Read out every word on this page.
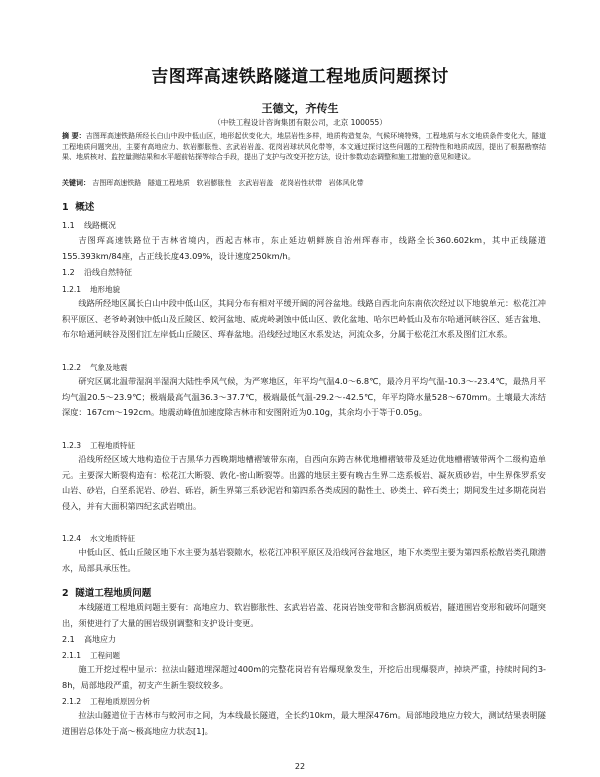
吉图珲高速铁路隧道工程地质问题探讨
王德文，齐传生
（中铁工程设计咨询集团有限公司，北京 100055）
摘 要：吉图珲高速铁路所经长白山中段中低山区，地形起伏变化大，地层岩性多样，地质构造复杂，气候环境特殊，工程地质与水文地质条件变化大，隧道工程地质问题突出，主要有高地应力、软岩膨胀性、玄武岩岩盖、花岗岩球状风化带等，本文通过探讨这些问题的工程特性和地质成因，提出了根据勘察结果、地质核对、监控量测结果和水平超前钻探等综合手段，提出了支护与改变开挖方法，设计参数动态调整和施工措施的意见和建议。
关键词： 吉图珲高速铁路 隧道工程地质 软岩膨胀性 玄武岩岩盖 花岗岩性状带 岩体风化带
1 概述
1.1 线路概况
吉图珲高速铁路位于吉林省境内，西起吉林市，东止延边朝鲜族自治州珲春市，线路全长360.602km，其中正线隧道155.393km/84座，占正线长度43.09%，设计速度250km/h。
1.2 沿线自然特征
1.2.1 地形地貌
线路所经地区属长白山中段中低山区，其间分布有相对平缓开阔的河谷盆地。线路自西北向东南依次经过以下地貌单元：松花江冲积平原区、老爷岭剥蚀中低山及丘陵区、蛟河盆地、威虎岭剥蚀中低山区、敦化盆地、哈尔巴岭低山及布尔哈通河峡谷区、延吉盆地、布尔哈通河峡谷及图们江左岸低山丘陵区、珲春盆地。沿线经过地区水系发达，河流众多，分属于松花江水系及图们江水系。
1.2.2 气象及地震
研究区属北温带湿润半湿润大陆性季风气候，为严寒地区，年平均气温4.0～6.8℃，最冷月平均气温-10.3～-23.4℃，最热月平均气温20.5～23.9℃；极端最高气温36.3～37.7℃，极端最低气温-29.2～-42.5℃，年平均降水量528～670mm。土壤最大冻结深度：167cm～192cm。地震动峰值加速度除吉林市和安图附近为0.10g，其余均小于等于0.05g。
1.2.3 工程地质特征
沿线所经区域大地构造位于吉黑华力西晚期地槽褶皱带东南，自西向东跨吉林优地槽褶皱带及延边优地槽褶皱带两个二级构造单元。主要深大断裂构造有：松花江大断裂、敦化-密山断裂等。出露的地层主要有晚古生界二迭系板岩、凝灰质砂岩，中生界侏罗系安山岩、砂岩，白垩系泥岩、砂岩、砾岩，新生界第三系砂泥岩和第四系各类成因的黏性土、砂类土、碎石类土；期间发生过多期花岗岩侵入，并有大面积第四纪玄武岩喷出。
1.2.4 水文地质特征
中低山区、低山丘陵区地下水主要为基岩裂隙水，松花江冲积平原区及沿线河谷盆地区，地下水类型主要为第四系松散岩类孔隙潜水，局部具承压性。
2 隧道工程地质问题
本线隧道工程地质问题主要有：高地应力、软岩膨胀性、玄武岩岩盖、花岗岩蚀变带和含膨润质板岩，隧道围岩变形和破坏问题突出，须使进行了大量的围岩级别调整和支护设计变更。
2.1 高地应力
2.1.1 工程问题
施工开挖过程中显示：拉法山隧道埋深超过400m的完整花岗岩有岩爆现象发生，开挖后出现爆裂声，掉块严重，持续时间约3-8h，局部地段严重，初支产生新生裂纹较多。
2.1.2 工程地质原因分析
拉法山隧道位于吉林市与蛟河市之间，为本线最长隧道，全长约10km，最大埋深476m。局部地段地应力较大，测试结果表明隧道围岩总体处于高～极高地应力状态[1]。
22
